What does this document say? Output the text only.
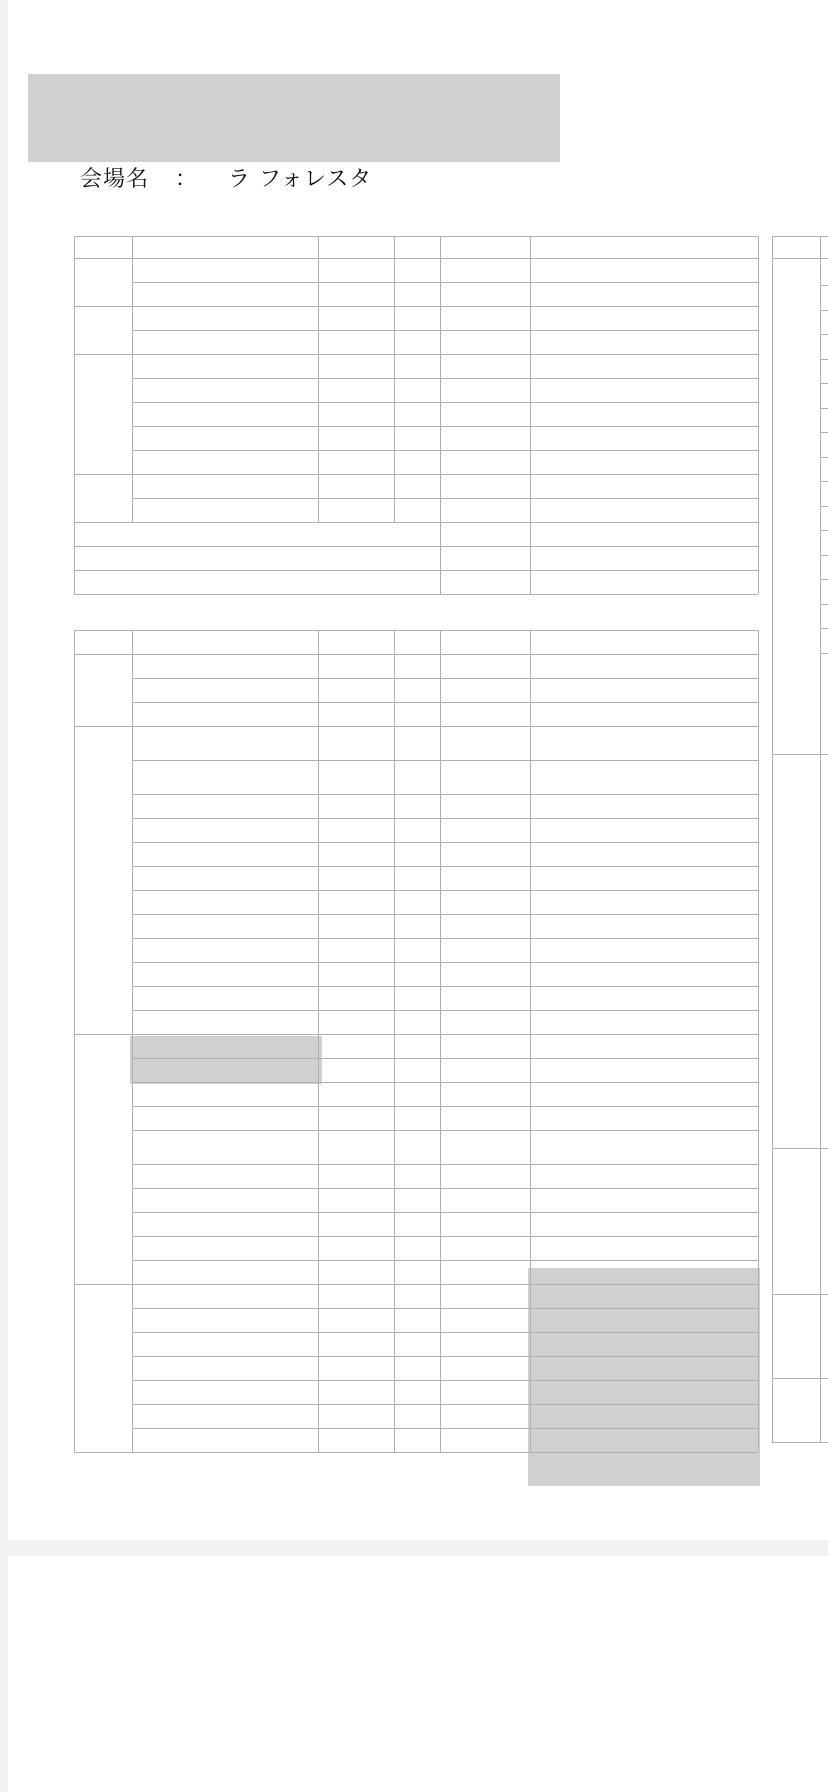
会場名 ： ラ フォレスタ
